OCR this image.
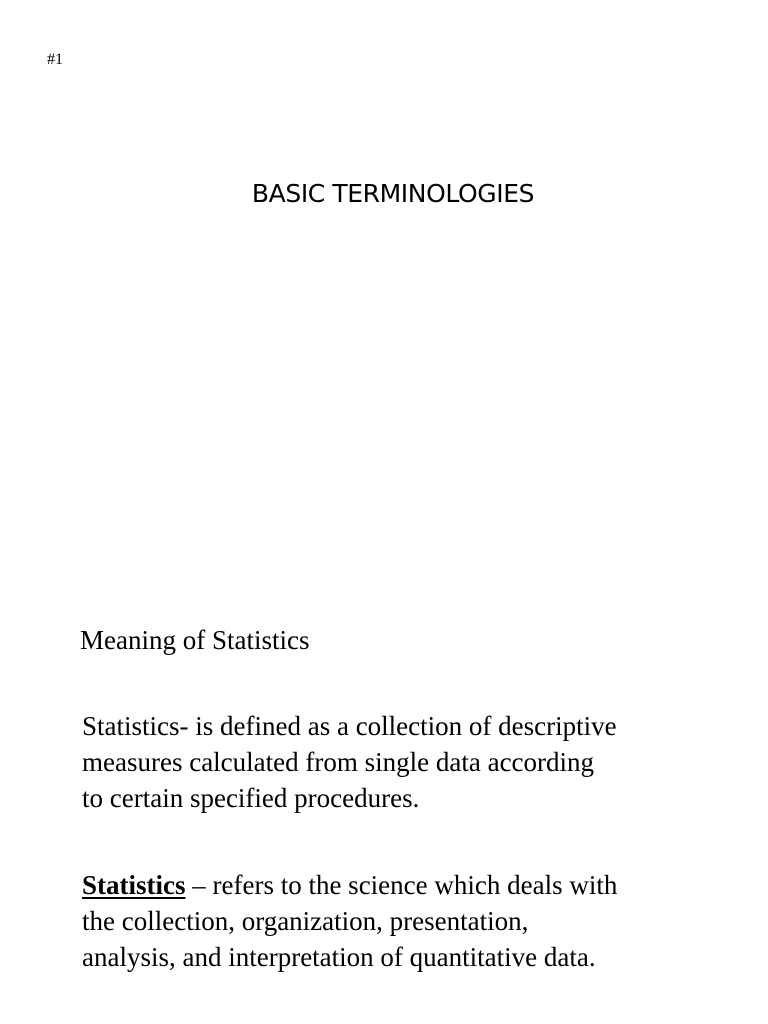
#1
BASIC TERMINOLOGIES
Meaning of Statistics
Statistics- is defined as a collection of descriptive
measures calculated from single data according
to certain specified procedures.
Statistics – refers to the science which deals with
the collection, organization, presentation,
analysis, and interpretation of quantitative data.
